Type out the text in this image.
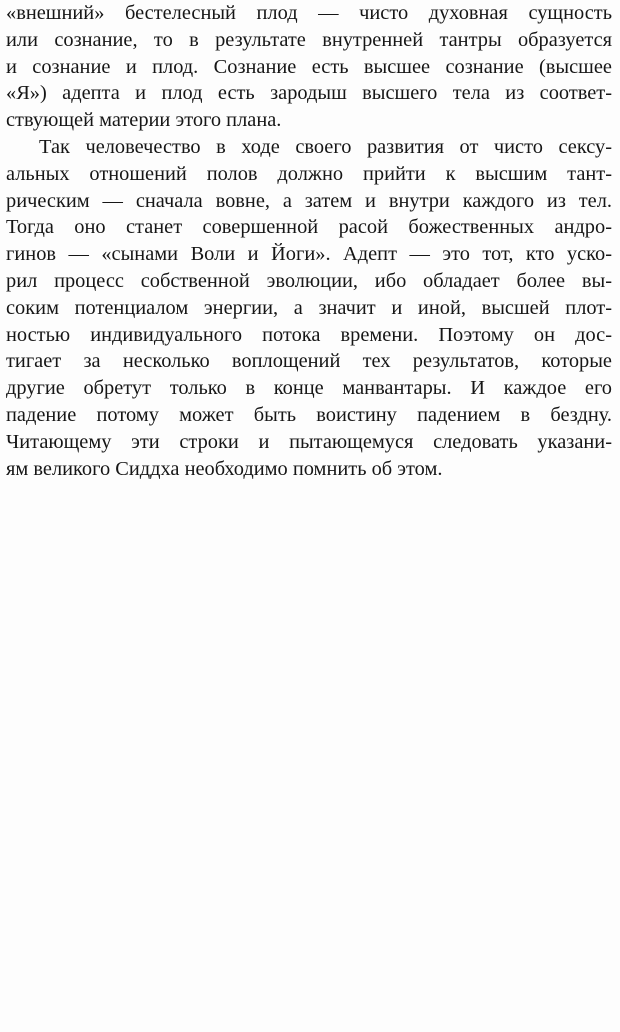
«внешний» бестелесный плод — чисто духовная сущность
или сознание, то в результате внутренней тантры образуется
и сознание и плод. Сознание есть высшее сознание (высшее
«Я») адепта и плод есть зародыш высшего тела из соответ-
ствующей материи этого плана.
Так человечество в ходе своего развития от чисто сексу-
альных отношений полов должно прийти к высшим тант-
рическим — сначала вовне, а затем и внутри каждого из тел.
Тогда оно станет совершенной расой божественных андро-
гинов — «сынами Воли и Йоги». Адепт — это тот, кто уско-
рил процесс собственной эволюции, ибо обладает более вы-
соким потенциалом энергии, а значит и иной, высшей плот-
ностью индивидуального потока времени. Поэтому он дос-
тигает за несколько воплощений тех результатов, которые
другие обретут только в конце манвантары. И каждое его
падение потому может быть воистину падением в бездну.
Читающему эти строки и пытающемуся следовать указани-
ям великого Сиддха необходимо помнить об этом.
